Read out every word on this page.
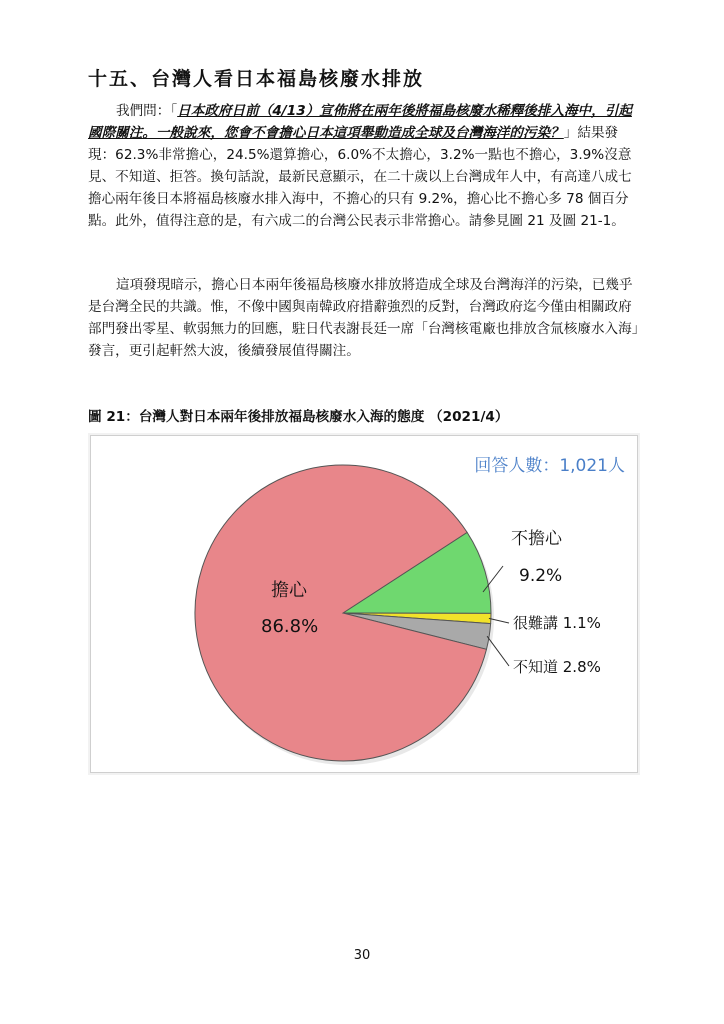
十五、台灣人看日本福島核廢水排放

我們問：「日本政府日前（4/13）宣佈將在兩年後將福島核廢水稀釋後排入海中，引起國際關注。一般說來，您會不會擔心日本這項舉動造成全球及台灣海洋的污染？」結果發現：62.3%非常擔心，24.5%還算擔心，6.0%不太擔心，3.2%一點也不擔心，3.9%沒意見、不知道、拒答。換句話說，最新民意顯示，在二十歲以上台灣成年人中，有高達八成七擔心兩年後日本將福島核廢水排入海中，不擔心的只有 9.2%，擔心比不擔心多 78 個百分點。此外，值得注意的是，有六成二的台灣公民表示非常擔心。請參見圖 21 及圖 21-1。

這項發現暗示，擔心日本兩年後福島核廢水排放將造成全球及台灣海洋的污染，已幾乎是台灣全民的共識。惟，不像中國與南韓政府措辭強烈的反對，台灣政府迄今僅由相關政府部門發出零星、軟弱無力的回應，駐日代表謝長廷一席「台灣核電廠也排放含氚核廢水入海」發言，更引起軒然大波，後續發展值得關注。

圖 21：台灣人對日本兩年後排放福島核廢水入海的態度 （2021/4）
回答人數：1,021人
擔心
86.8%
不擔心
9.2%
很難講 1.1%
不知道 2.8%
30
